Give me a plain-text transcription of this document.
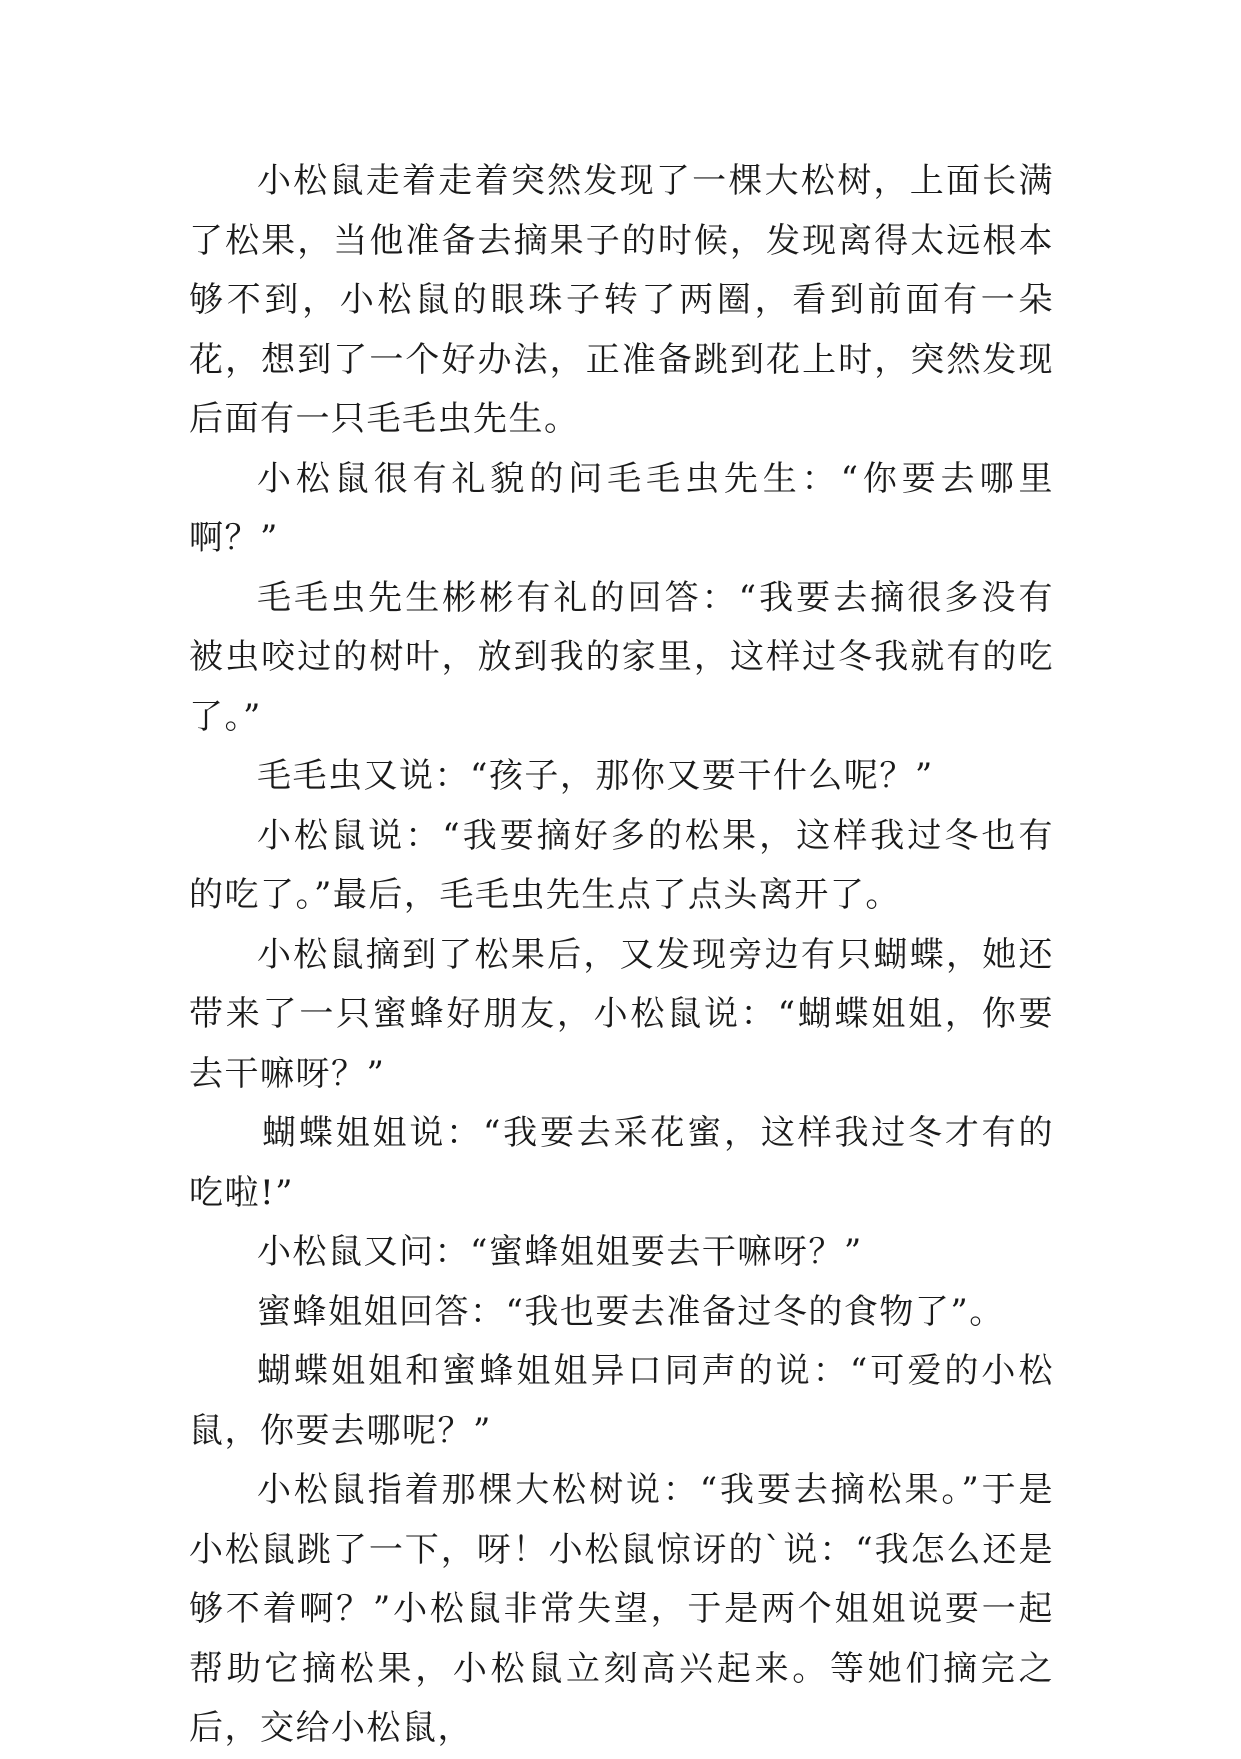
小松鼠走着走着突然发现了一棵大松树，上面长满了松果，当他准备去摘果子的时候，发现离得太远根本够不到，小松鼠的眼珠子转了两圈，看到前面有一朵花，想到了一个好办法，正准备跳到花上时，突然发现后面有一只毛毛虫先生。

小松鼠很有礼貌的问毛毛虫先生：“你要去哪里啊？”

毛毛虫先生彬彬有礼的回答：“我要去摘很多没有被虫咬过的树叶，放到我的家里，这样过冬我就有的吃了。”

毛毛虫又说：“孩子，那你又要干什么呢？”

小松鼠说：“我要摘好多的松果，这样我过冬也有的吃了。”最后，毛毛虫先生点了点头离开了。

小松鼠摘到了松果后，又发现旁边有只蝴蝶，她还带来了一只蜜蜂好朋友，小松鼠说：“蝴蝶姐姐，你要去干嘛呀？”

蝴蝶姐姐说：“我要去采花蜜，这样我过冬才有的吃啦!”

小松鼠又问：“蜜蜂姐姐要去干嘛呀？”

蜜蜂姐姐回答：“我也要去准备过冬的食物了”。

蝴蝶姐姐和蜜蜂姐姐异口同声的说：“可爱的小松鼠，你要去哪呢？”

小松鼠指着那棵大松树说：“我要去摘松果。”于是小松鼠跳了一下，呀！小松鼠惊讶的`说：“我怎么还是够不着啊？”小松鼠非常失望，于是两个姐姐说要一起帮助它摘松果，小松鼠立刻高兴起来。等她们摘完之后，交给小松鼠，
